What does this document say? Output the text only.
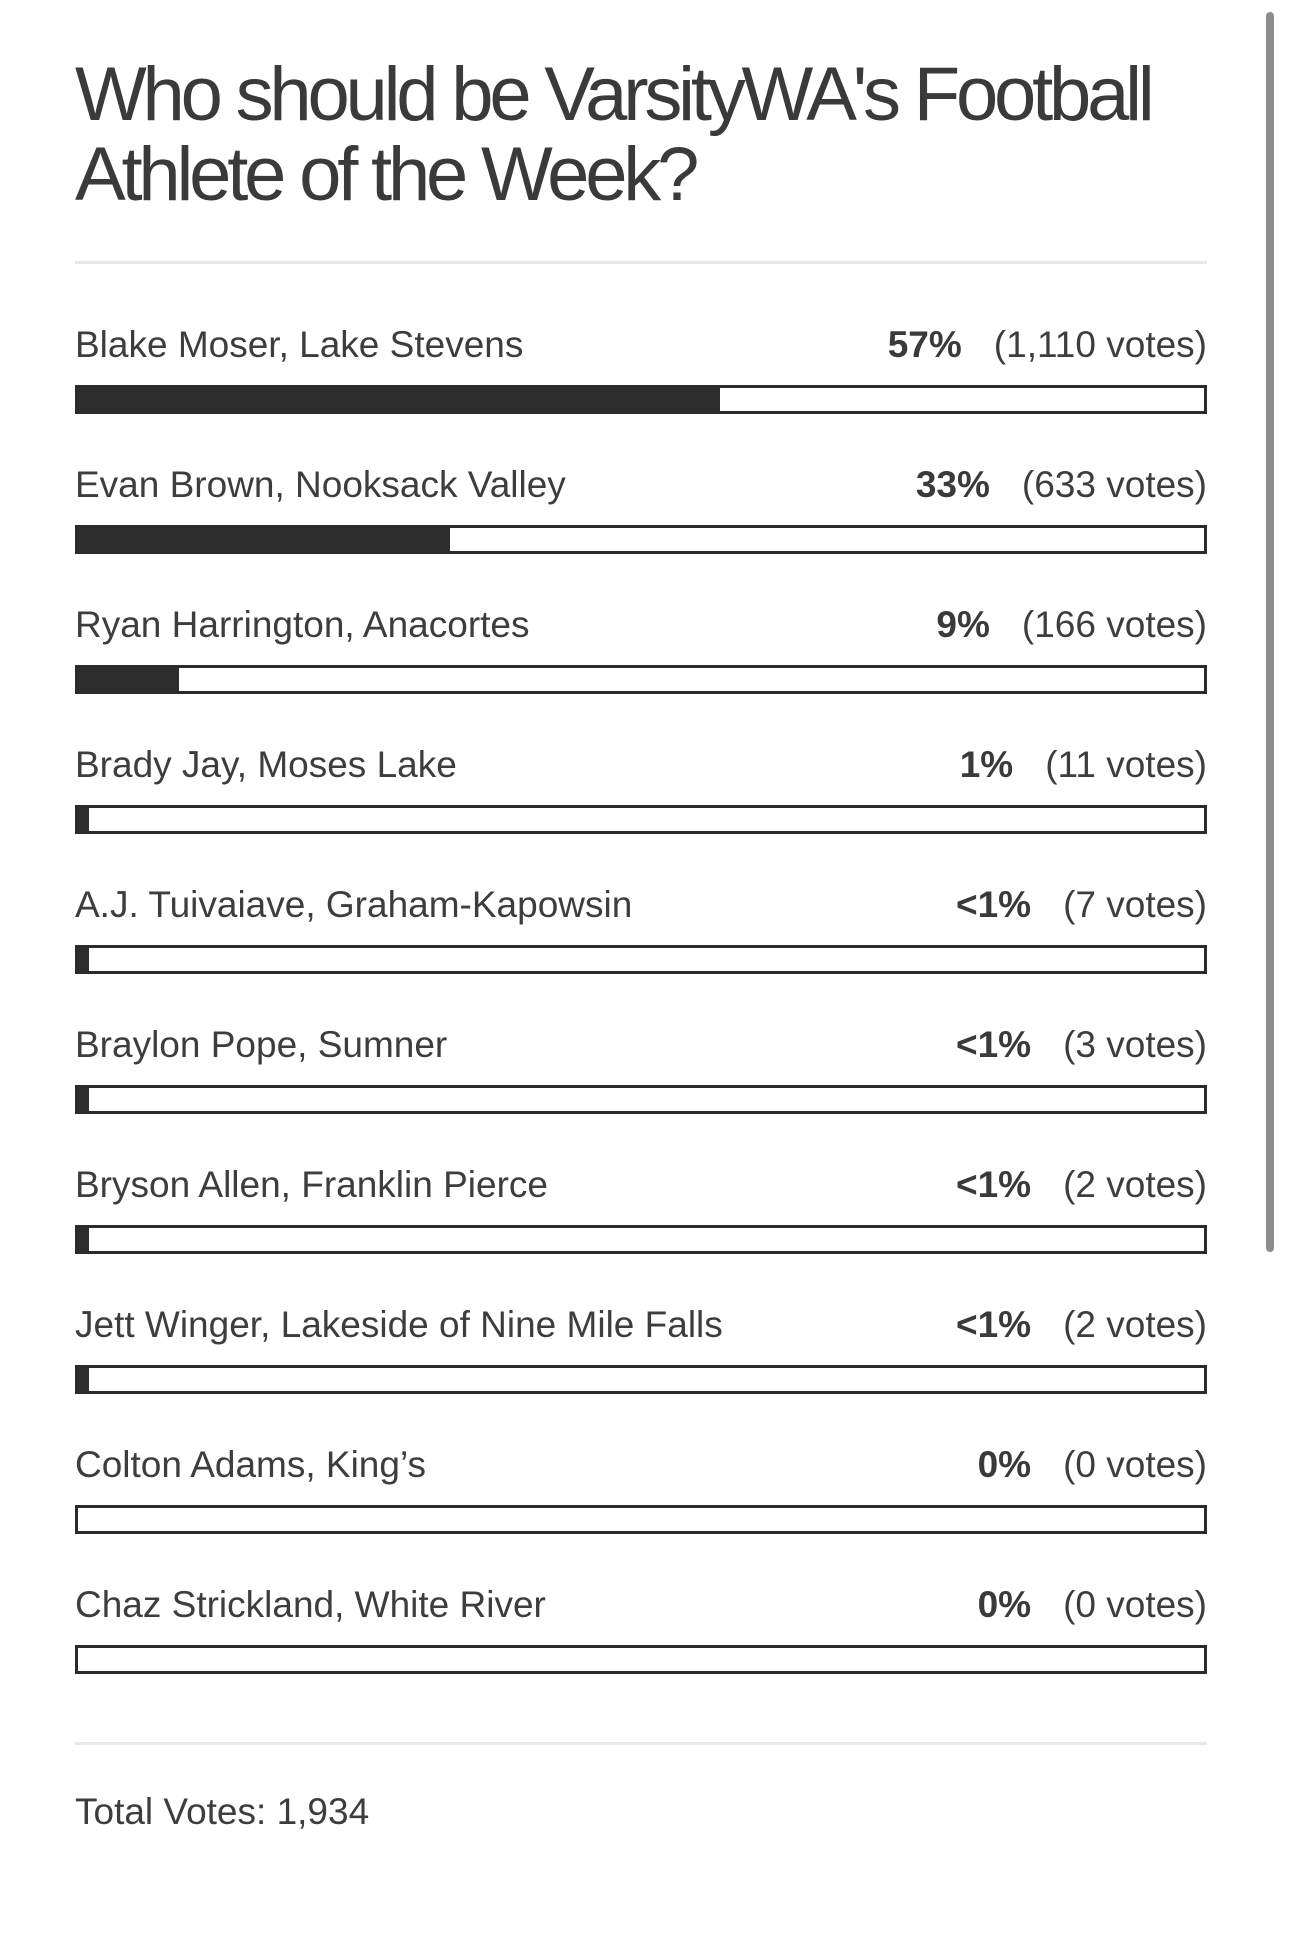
Who should be VarsityWA's Football Athlete of the Week?
Blake Moser, Lake Stevens	57% (1,110 votes)
Evan Brown, Nooksack Valley	33% (633 votes)
Ryan Harrington, Anacortes	9% (166 votes)
Brady Jay, Moses Lake	1% (11 votes)
A.J. Tuivaiave, Graham-Kapowsin	<1% (7 votes)
Braylon Pope, Sumner	<1% (3 votes)
Bryson Allen, Franklin Pierce	<1% (2 votes)
Jett Winger, Lakeside of Nine Mile Falls	<1% (2 votes)
Colton Adams, King’s	0% (0 votes)
Chaz Strickland, White River	0% (0 votes)
Total Votes: 1,934
